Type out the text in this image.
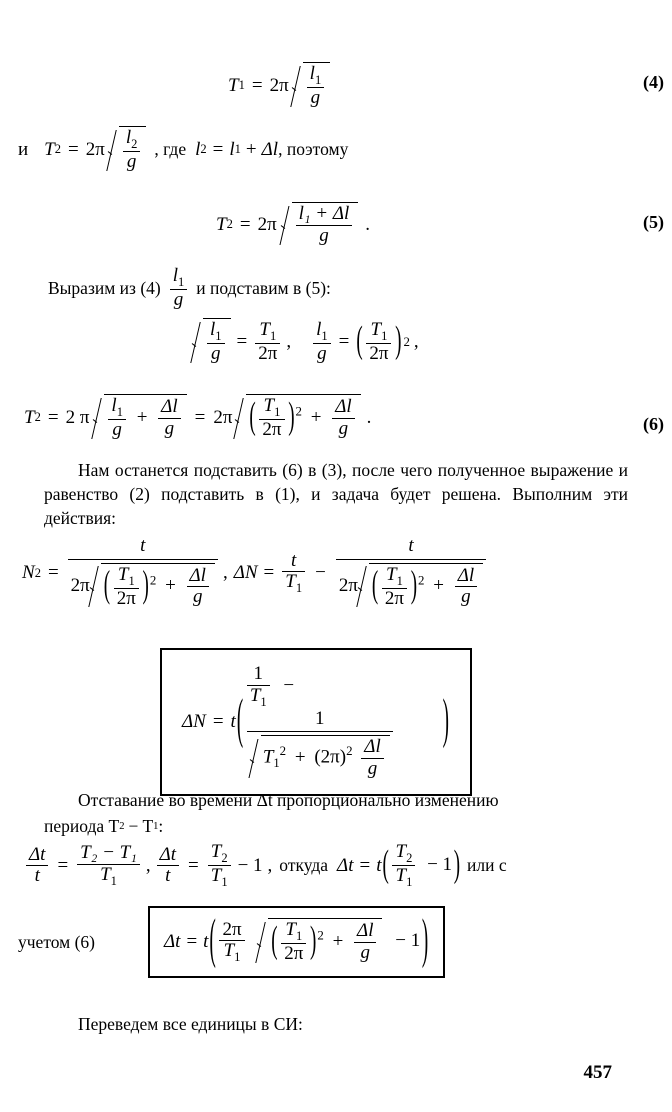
T $1 = 2\pi \frac{l_1}{g}$	(4)
и T $2 = 2\pi \frac{l_2}{g}$ , где l 2 = l 1 + Δl , поэтому
T $2 = 2\pi \frac{\text{l₁ + Δl}}{g}$ .	(5)
Выразим из $(4) \frac{l_1}{g}$ и подставим в (5):
$\frac{l_1}{g} = \frac{T_1}{2\pi}$ , $\frac{l_1}{g}$ = ( $\frac{T_1}{2\pi}$
) 2 ,
T 2 = 2 π $\frac{l_1}{g} + \frac{\Delta l}{g} = 2\pi$ ( $\frac{T_1}{2\pi}$
) $^2 + \frac{\Delta l}{g}$ .	(6)

Нам останется подставить (6) в (3), после чего полученное выражение и равенство (2) подставить в (1), и задача будет решена. Выполним эти действия:

N 2 =
t
2π ( $\frac{T_1}{2\pi}$
) $^2 + \frac{\Delta l}{g}$ , $\Delta N = \frac{t}{T_1}$ −
t
2π ( $\frac{T_1}{2\pi}$
) $^2 + \frac{\Delta l}{g}$
ΔN = t
( $\frac{1}{T_1}$ −
1
$T_1^2 + (2\pi)^2 \frac{\Delta l}{g}$
)

Отставание во времени Δt пропорционально изменению

периода T 2 − T 1 :
$\frac{\Delta t}{t} = \frac{\text{T₂ − T₁}}{T_1}$ , $\frac{\Delta t}{t} = \frac{T_2}{T_1} - 1$ , откуда Δt = t ( $\frac{T_2}{T_1} - 1$ ) или с
учетом (6)	Δt = t ( $\frac{2\pi}{T_1}$
( $\frac{T_1}{2\pi}$
) $^2 + \frac{\Delta l}{g} - 1$ )

Переведем все единицы в СИ:

457
